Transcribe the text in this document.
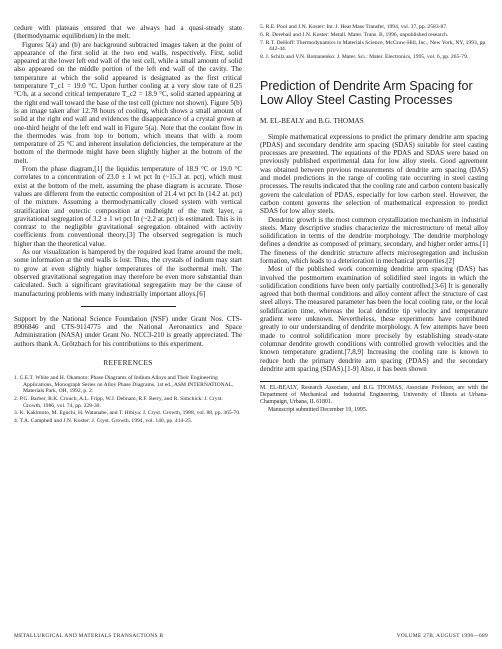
cedure with plateaus ensured that we always had a quasi-steady state (thermodynamic equilibrium) in the melt.

Figures 5(a) and (b) are background subtracted images taken at the point of appearance of the first solid at the two end walls, respectively. First, solid appeared at the lower left end wall of the test cell, while a small amount of solid also appeared on the middle portion of the left end wall of the cavity. The temperature at which the solid appeared is designated as the first critical temperature T_c1 = 19.0 °C. Upon further cooling at a very slow rate of 0.25 °C/h, at a second critical temperature T_c2 = 18.9 °C, solid started appearing at the right end wall toward the base of the test cell (picture not shown). Figure 5(b) is an image taken after 12.78 hours of cooling, which shows a small amount of solid at the right end wall and evidences the disappearance of a crystal grown at one-third height of the left end wall in Figure 5(a). Note that the coolant flow in the thermodes was from top to bottom, which means that with a room temperature of 25 °C and inherent insulation deficiencies, the temperature at the bottom of the thermode might have been slightly higher at the bottom of the melt.

From the phase diagram,[1] the liquidus temperature of 18.9 °C or 19.0 °C correlates to a concentration of 23.0 ± 1 wt pct In (~15.3 at. pct), which must exist at the bottom of the melt, assuming the phase diagram is accurate. Those values are different from the eutectic composition of 21.4 wt pct In (14.2 at. pct) of the mixture. Assuming a thermodynamically closed system with vertical stratification and eutectic composition at midheight of the melt layer, a gravitational segregation of 3.2 ± 1 wt pct In (~2.2 at. pct) is estimated. This is in contrast to the negligible gravitational segregation obtained with activity coefficients from conventional theory.[3] The observed segregation is much higher than the theoretical value.

As our visualization is hampered by the required lead frame around the melt, some information at the end walls is lost. Thus, the crystals of indium may start to grow at even slightly higher temperatures of the isothermal melt. The observed gravitational segregation may therefore be even more substantial than calculated. Such a significant gravitational segregation may be the cause of manufacturing problems with many industrially important alloys.[6]

Support by the National Science Foundation (NSF) under Grant Nos. CTS-8906846 and CTS-9114775 and the National Aeronautics and Space Administration (NASA) under Grant No. NCC3-210 is greatly appreciated. The authors thank A. Grötzbach for his contributions to this experiment.

REFERENCES
1. C.E.T. White and H. Okamoto: Phase Diagrams of Indium Alloys and Their Engineering Applications, Monograph Series on Alloy Phase Diagrams, 1st ed., ASM INTERNATIONAL, Materials Park, OH, 1992, p. 2.
2. P.G. Barber, R.K. Crouch, A.L. Fripp, W.J. Debnam, R.F. Berry, and R. Simchick: J. Cryst. Growth, 1986, vol. 74, pp. 228-30.
3. K. Kakimoto, M. Eguchi, H. Watanabe, and T. Hibiya: J. Cryst. Growth, 1988, vol. 88, pp. 365-70.
4. T.A. Campbell and J.N. Koster: J. Cryst. Growth, 1994, vol. 140, pp. 414-25.
5. R.E. Pool and J.N. Koster: Int. J. Heat Mass Transfer, 1994, vol. 37, pp. 2583-87.
6. R. Derebail and J.N. Koster: Metall. Mater. Trans. B, 1996, unpublished research.
7. R.T. DeHoff: Thermodynamics in Materials Science, McGraw-Hill, Inc., New York, NY, 1993, pp. 442-44.
8. J. Schilz and V.N. Romanenko: J. Mater. Sci.: Mater. Electronics, 1995, vol. 6, pp. 265-79.
Prediction of Dendrite Arm Spacing for Low Alloy Steel Casting Processes
M. EL-BEALY and B.G. THOMAS

Simple mathematical expressions to predict the primary dendrite arm spacing (PDAS) and secondary dendrite arm spacing (SDAS) suitable for steel casting processes are presented. The equations of the PDAS and SDAS were based on previously published experimental data for low alloy steels. Good agreement was obtained between previous measurements of dendrite arm spacing (DAS) and model predictions in the range of cooling rate occurring in steel casting processes. The results indicated that the cooling rate and carbon content basically govern the calculation of PDAS, especially for low carbon steel. However, the carbon content governs the selection of mathematical expression to predict SDAS for low alloy steels.

Dendritic growth is the most common crystallization mechanism in industrial steels. Many descriptive studies characterize the microstructure of metal alloy solidification in terms of the dendrite morphology. The dendrite morphology defines a dendrite as composed of primary, secondary, and higher order arms.[1] The fineness of the dendritic structure affects microsegregation and inclusion formation, which leads to a deterioration in mechanical properties.[2]

Most of the published work concerning dendrite arm spacing (DAS) has involved the postmortem examination of solidified steel ingots in which the solidification conditions have been only partially controlled.[3-6] It is generally agreed that both thermal conditions and alloy content affect the structure of cast steel alloys. The measured parameter has been the local cooling rate, or the local solidification time, whereas the local dendrite tip velocity and temperature gradient were unknown. Nevertheless, these experiments have contributed greatly to our understanding of dendrite morphology. A few attempts have been made to control solidification more precisely by establishing steady-state columnar dendrite growth conditions with controlled growth velocities and the known temperature gradient.[7,8,9] Increasing the cooling rate is known to reduce both the primary dendrite arm spacing (PDAS) and the secondary dendrite arm spacing (SDAS).[1-9] Also, it has been shown

M. EL-BEALY, Research Associate, and B.G. THOMAS, Associate Professor, are with the Department of Mechanical and Industrial Engineering, University of Illinois at Urbana-Champaign, Urbana, IL 61801.
Manuscript submitted December 19, 1995.
METALLURGICAL AND MATERIALS TRANSACTIONS B	VOLUME 27B, AUGUST 1996—689
